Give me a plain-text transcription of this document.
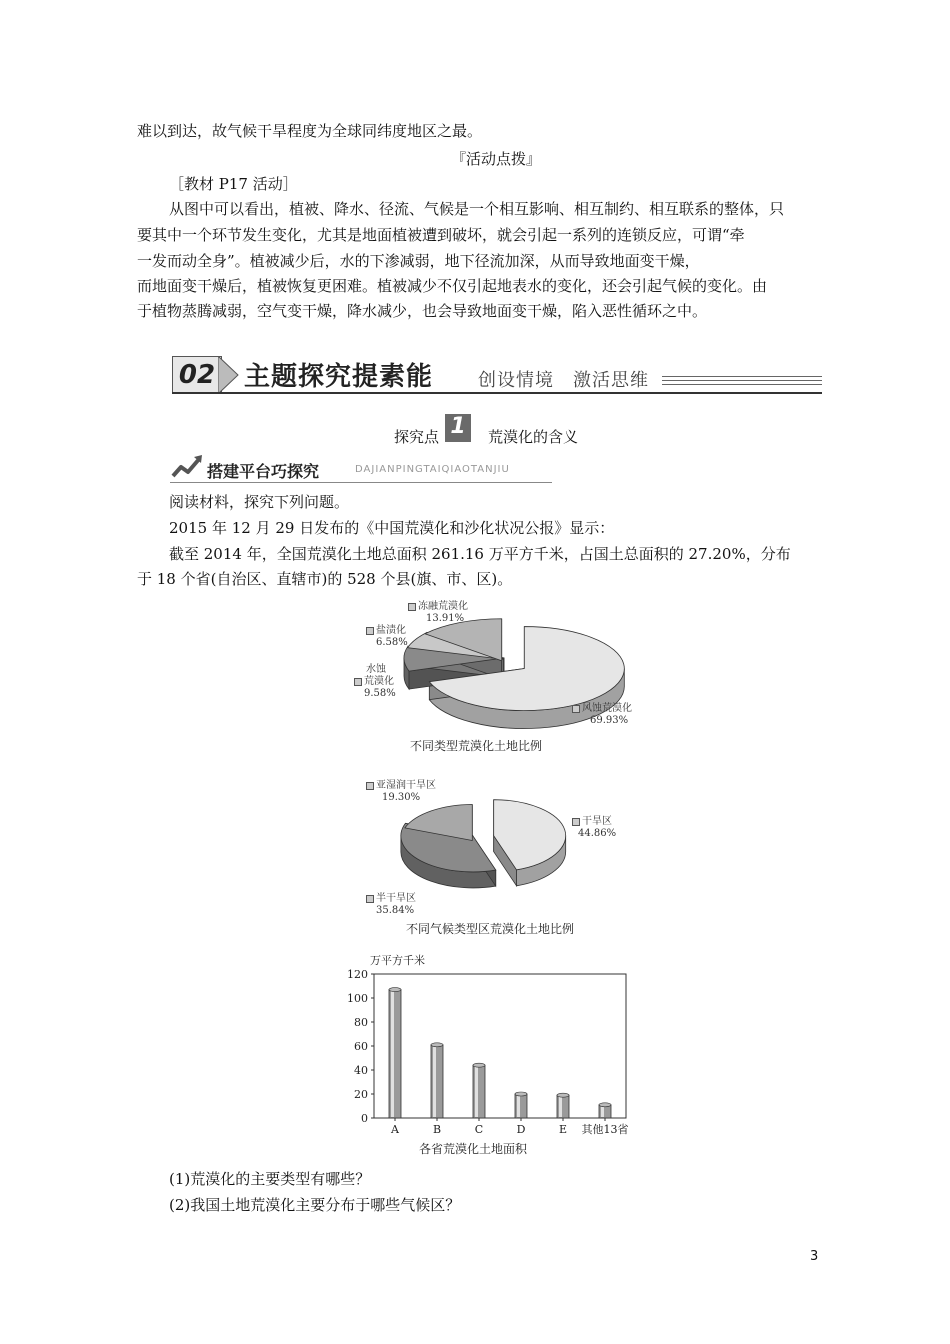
难以到达，故气候干旱程度为全球同纬度地区之最。
『活动点拨』
［教材 P17 活动］
从图中可以看出，植被、降水、径流、气候是一个相互影响、相互制约、相互联系的整体，只
要其中一个环节发生变化，尤其是地面植被遭到破坏，就会引起一系列的连锁反应，可谓“牵
一发而动全身”。植被减少后，水的下渗减弱，地下径流加深，从而导致地面变干燥，
而地面变干燥后，植被恢复更困难。植被减少不仅引起地表水的变化，还会引起气候的变化。由
于植物蒸腾减弱，空气变干燥，降水减少，也会导致地面变干燥，陷入恶性循环之中。
02 主题探究提素能 创设情境　激活思维
探究点 1	荒漠化的含义
搭建平台巧探究	DAJIANPINGTAIQIAOTANJIU
阅读材料，探究下列问题。
2015 年 12 月 29 日发布的《中国荒漠化和沙化状况公报》显示：
截至 2014 年，全国荒漠化土地总面积 261.16 万平方千米，占国土总面积的 27.20%，分布
于 18 个省(自治区、直辖市)的 528 个县(旗、市、区)。
风蚀荒漠化
69.93%
水蚀
荒漠化
9.58%
盐渍化
6.58%
冻融荒漠化
13.91%
不同类型荒漠化土地比例
干旱区
44.86%
半干旱区
35.84%
亚湿润干旱区
19.30%
不同气候类型区荒漠化土地比例
万平方千米
0
20
40
60
80
100
120
A	B	C	D	E 其他13省
各省荒漠化土地面积
(1)荒漠化的主要类型有哪些？
(2)我国土地荒漠化主要分布于哪些气候区？
3
